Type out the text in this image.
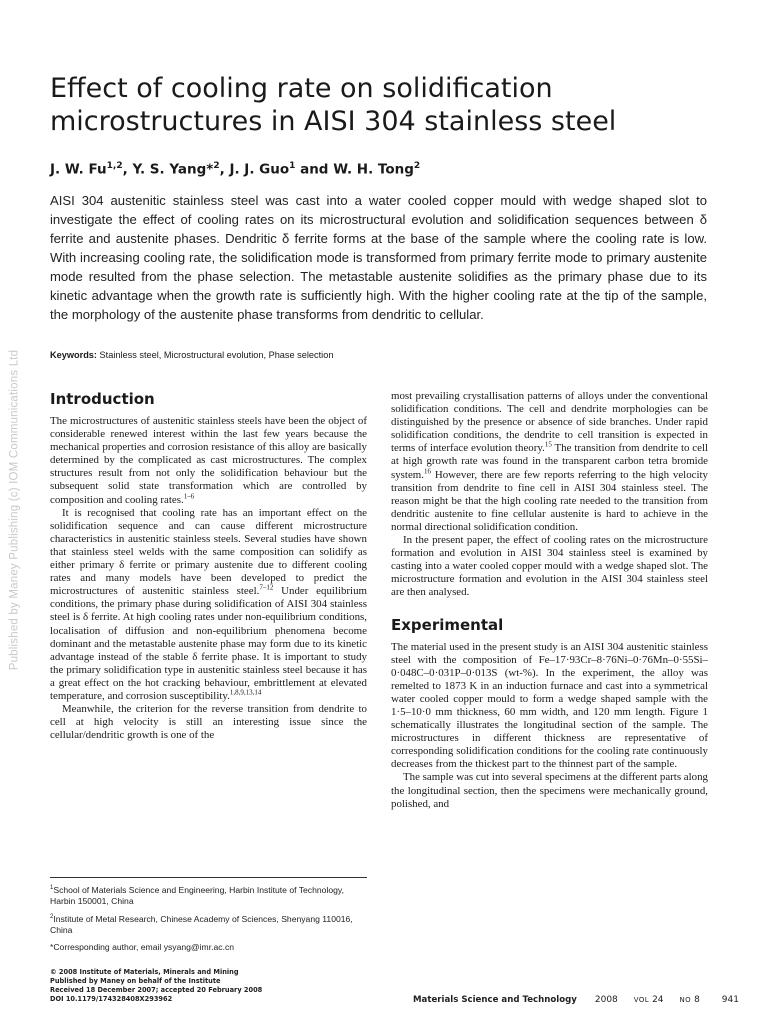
Published by Maney Publishing (c) IOM Communications Ltd
Effect of cooling rate on solidification microstructures in AISI 304 stainless steel

J. W. Fu$^{1,2}$, Y. S. Yang*$^2$, J. J. Guo$^1$ and W. H. Tong$^2$

AISI 304 austenitic stainless steel was cast into a water cooled copper mould with wedge shaped slot to investigate the effect of cooling rates on its microstructural evolution and solidification sequences between δ ferrite and austenite phases. Dendritic δ ferrite forms at the base of the sample where the cooling rate is low. With increasing cooling rate, the solidification mode is transformed from primary ferrite mode to primary austenite mode resulted from the phase selection. The metastable austenite solidifies as the primary phase due to its kinetic advantage when the growth rate is sufficiently high. With the higher cooling rate at the tip of the sample, the morphology of the austenite phase transforms from dendritic to cellular.

Keywords: Stainless steel, Microstructural evolution, Phase selection

Introduction

The microstructures of austenitic stainless steels have been the object of considerable renewed interest within the last few years because the mechanical properties and corrosion resistance of this alloy are basically determined by the complicated as cast microstructures. The complex structures result from not only the solidification behaviour but the subsequent solid state transformation which are controlled by composition and cooling rates.$^{1-6}$

It is recognised that cooling rate has an important effect on the solidification sequence and can cause different microstructure characteristics in austenitic stainless steels. Several studies have shown that stainless steel welds with the same composition can solidify as either primary δ ferrite or primary austenite due to different cooling rates and many models have been developed to predict the microstructures of austenitic stainless steel.$^{7-12}$ Under equilibrium conditions, the primary phase during solidification of AISI 304 stainless steel is δ ferrite. At high cooling rates under non-equilibrium conditions, localisation of diffusion and non-equilibrium phenomena become dominant and the metastable austenite phase may form due to its kinetic advantage instead of the stable δ ferrite phase. It is important to study the primary solidification type in austenitic stainless steel because it has a great effect on the hot cracking behaviour, embrittlement at elevated temperature, and corrosion susceptibility.$^{1,8,9,13,14}$

Meanwhile, the criterion for the reverse transition from dendrite to cell at high velocity is still an interesting issue since the cellular/dendritic growth is one of the

most prevailing crystallisation patterns of alloys under the conventional solidification conditions. The cell and dendrite morphologies can be distinguished by the presence or absence of side branches. Under rapid solidification conditions, the dendrite to cell transition is expected in terms of interface evolution theory.$^{15}$ The transition from dendrite to cell at high growth rate was found in the transparent carbon tetra bromide system.$^{16}$ However, there are few reports referring to the high velocity transition from dendrite to fine cell in AISI 304 stainless steel. The reason might be that the high cooling rate needed to the transition from dendritic austenite to fine cellular austenite is hard to achieve in the normal directional solidification condition.

In the present paper, the effect of cooling rates on the microstructure formation and evolution in AISI 304 stainless steel is examined by casting into a water cooled copper mould with a wedge shaped slot. The microstructure formation and evolution in the AISI 304 stainless steel are then analysed.

Experimental

The material used in the present study is an AISI 304 austenitic stainless steel with the composition of Fe–17·93Cr–8·76Ni–0·76Mn–0·55Si–0·048C–0·031P–0·013S (wt-%). In the experiment, the alloy was remelted to 1873 K in an induction furnace and cast into a symmetrical water cooled copper mould to form a wedge shaped sample with the 1·5–10·0 mm thickness, 60 mm width, and 120 mm length. Figure 1 schematically illustrates the longitudinal section of the sample. The microstructures in different thickness are representative of corresponding solidification conditions for the cooling rate continuously decreases from the thickest part to the thinnest part of the sample.

The sample was cut into several specimens at the different parts along the longitudinal section, then the specimens were mechanically ground, polished, and

$^1$School of Materials Science and Engineering, Harbin Institute of Technology, Harbin 150001, China

$^2$Institute of Metal Research, Chinese Academy of Sciences, Shenyang 110016, China

*Corresponding author, email ysyang@imr.ac.cn

© 2008 Institute of Materials, Minerals and Mining

Published by Maney on behalf of the Institute

Received 18 December 2007; accepted 20 February 2008

DOI 10.1179/174328408X293962	Materials Science and Technology 2008 VOL 24 NO 8 941
